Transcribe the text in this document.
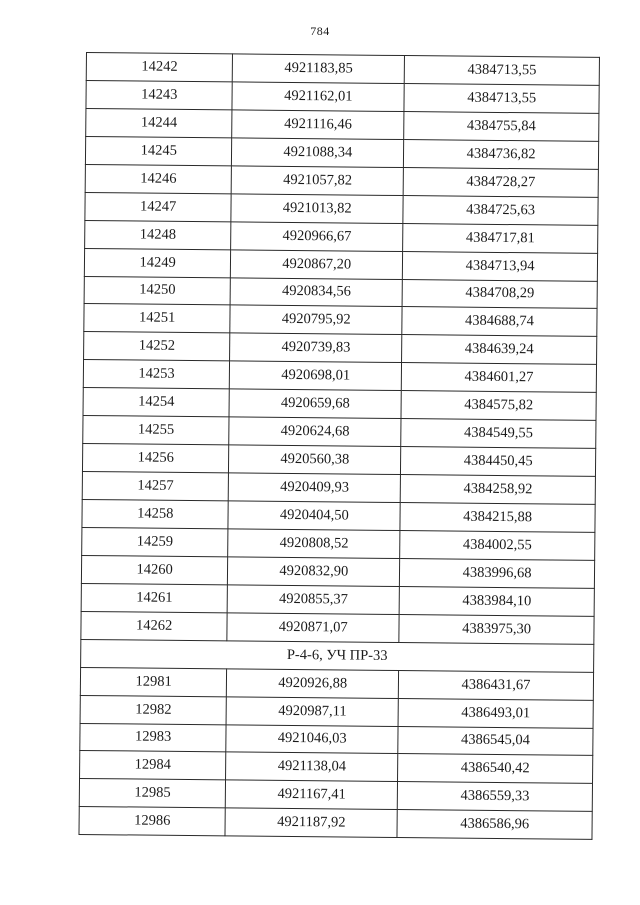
784
14242	4921183,85	4384713,55
14243	4921162,01	4384713,55
14244	4921116,46	4384755,84
14245	4921088,34	4384736,82
14246	4921057,82	4384728,27
14247	4921013,82	4384725,63
14248	4920966,67	4384717,81
14249	4920867,20	4384713,94
14250	4920834,56	4384708,29
14251	4920795,92	4384688,74
14252	4920739,83	4384639,24
14253	4920698,01	4384601,27
14254	4920659,68	4384575,82
14255	4920624,68	4384549,55
14256	4920560,38	4384450,45
14257	4920409,93	4384258,92
14258	4920404,50	4384215,88
14259	4920808,52	4384002,55
14260	4920832,90	4383996,68
14261	4920855,37	4383984,10
14262	4920871,07	4383975,30
Р-4-6, УЧ ПР-33		
12981	4920926,88	4386431,67
12982	4920987,11	4386493,01
12983	4921046,03	4386545,04
12984	4921138,04	4386540,42
12985	4921167,41	4386559,33
12986	4921187,92	4386586,96
